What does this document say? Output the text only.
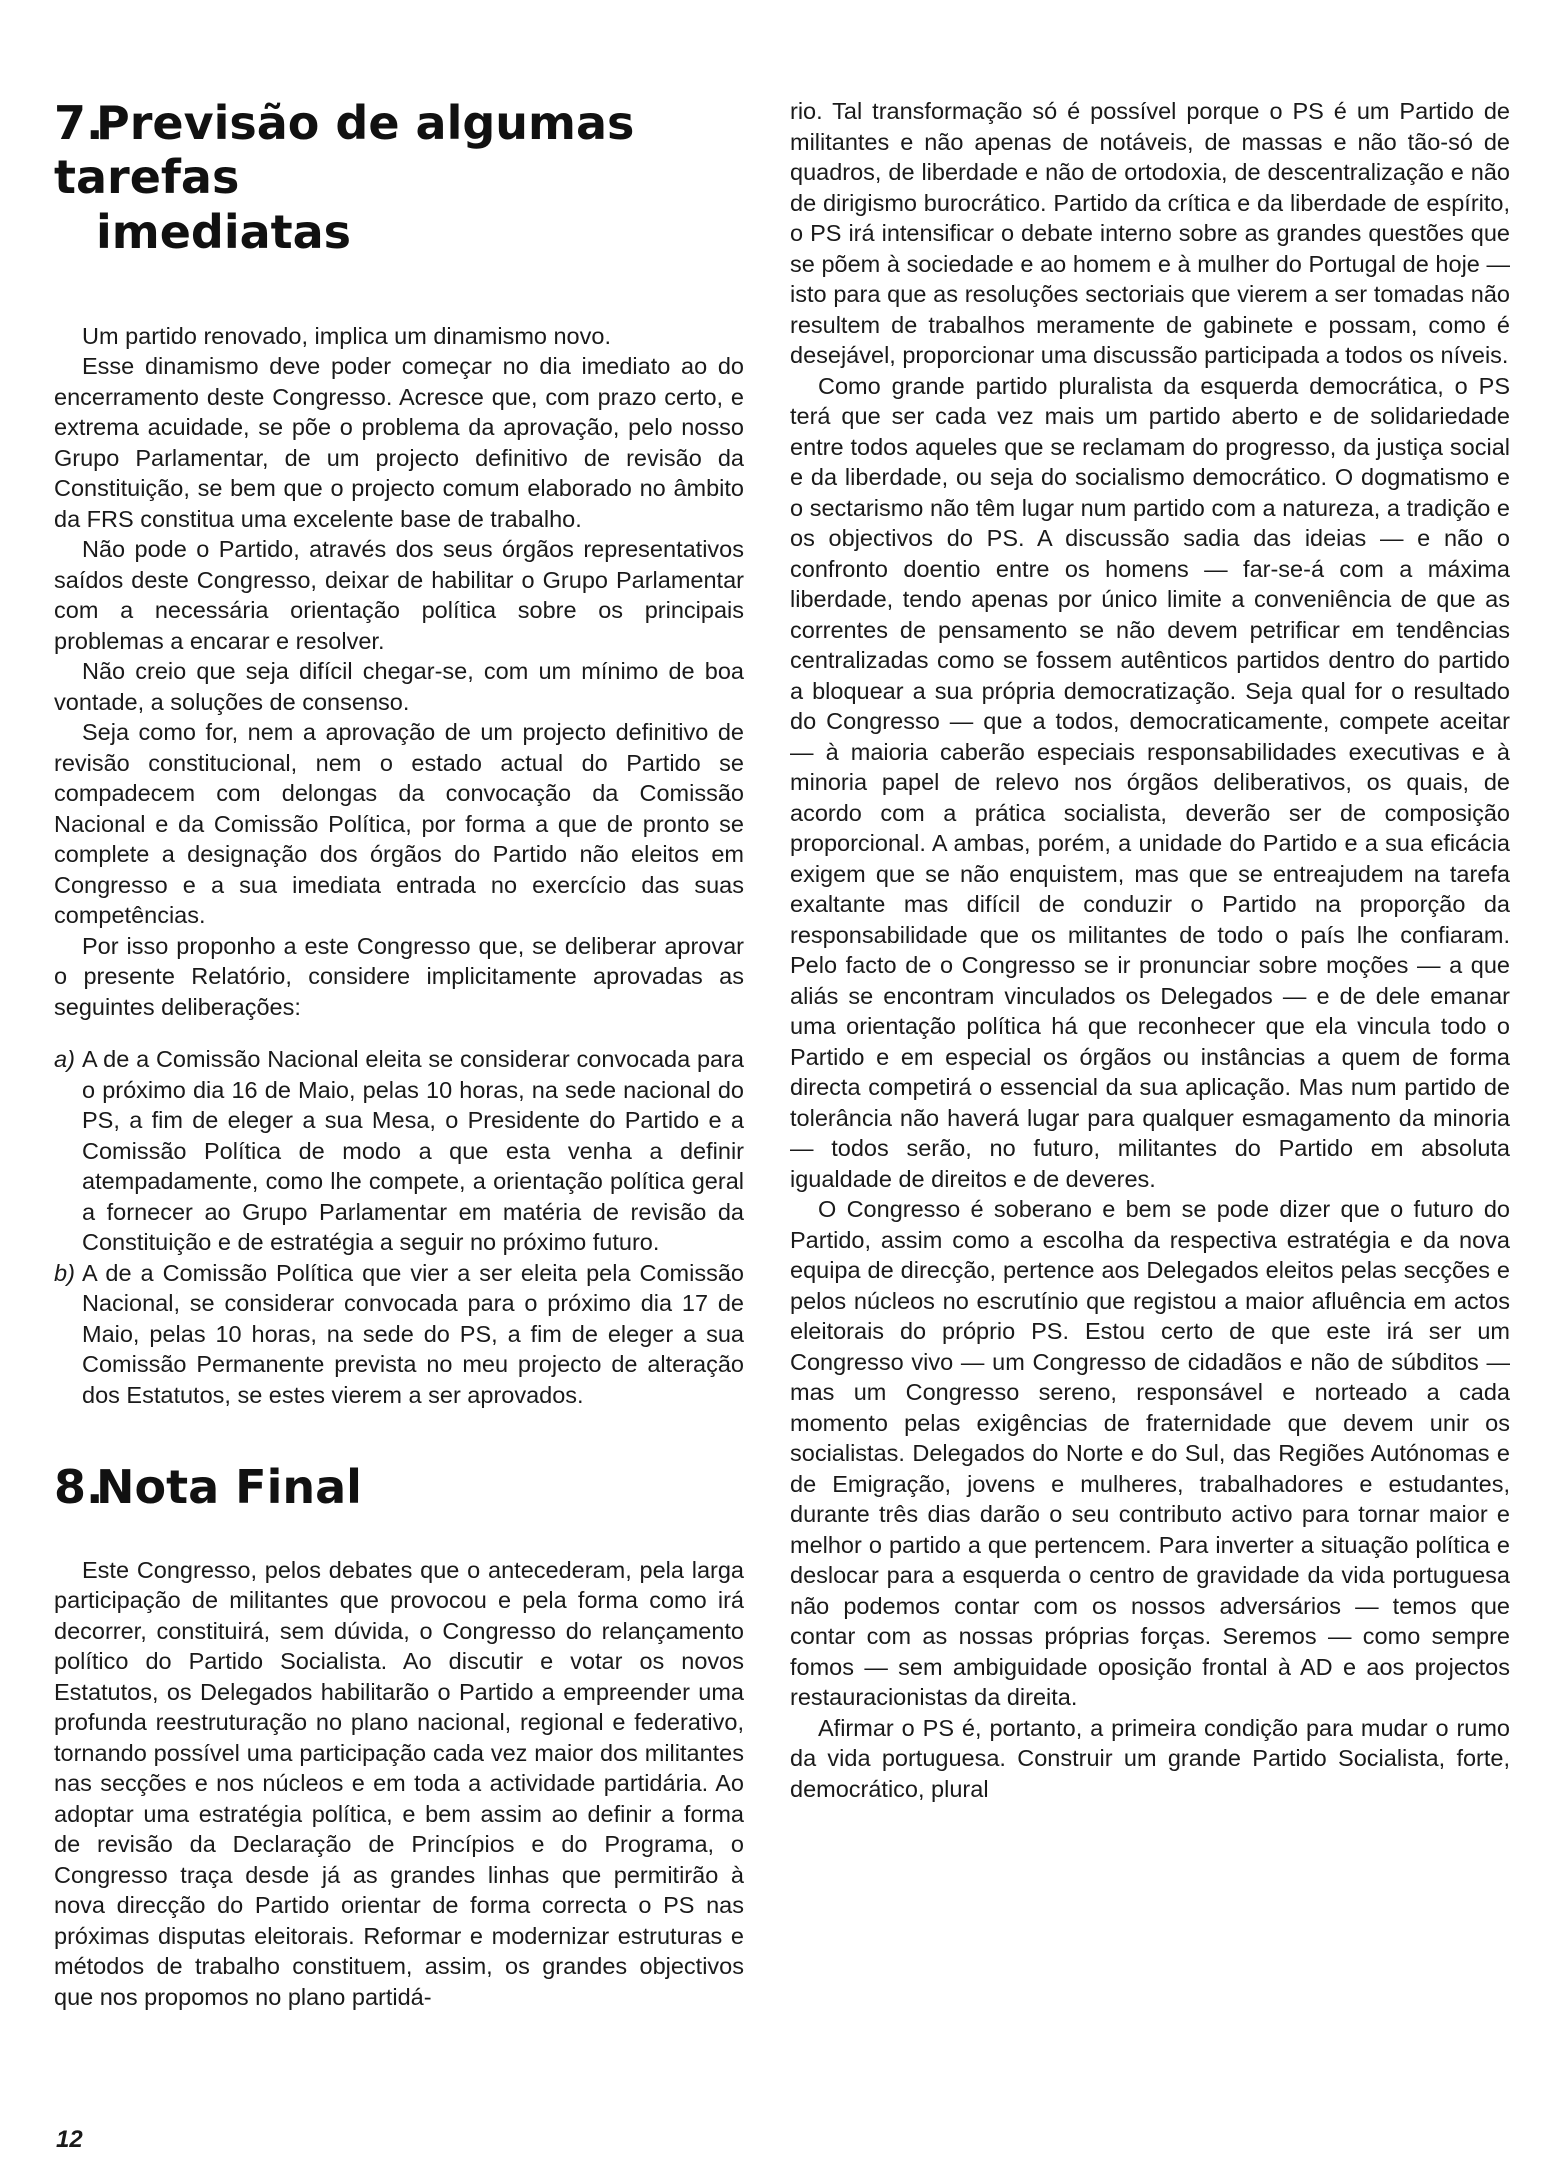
7.Previsão de algumas tarefas
imediatas

Um partido renovado, implica um dinamismo novo.

Esse dinamismo deve poder começar no dia imediato ao do encerramento deste Congresso. Acresce que, com prazo certo, e extrema acuidade, se põe o problema da aprovação, pelo nosso Grupo Parlamentar, de um projecto definitivo de revisão da Constituição, se bem que o projecto comum elaborado no âmbito da FRS constitua uma excelente base de trabalho.

Não pode o Partido, através dos seus órgãos representativos saídos deste Congresso, deixar de habilitar o Grupo Parlamentar com a necessária orientação política sobre os principais problemas a encarar e resolver.

Não creio que seja difícil chegar-se, com um mínimo de boa vontade, a soluções de consenso.

Seja como for, nem a aprovação de um projecto definitivo de revisão constitucional, nem o estado actual do Partido se compadecem com delongas da convocação da Comissão Nacional e da Comissão Política, por forma a que de pronto se complete a designação dos órgãos do Partido não eleitos em Congresso e a sua imediata entrada no exercício das suas competências.

Por isso proponho a este Congresso que, se deliberar aprovar o presente Relatório, considere implicitamente aprovadas as seguintes deliberações:

a) A de a Comissão Nacional eleita se considerar convocada para o próximo dia 16 de Maio, pelas 10 horas, na sede nacional do PS, a fim de eleger a sua Mesa, o Presidente do Partido e a Comissão Política de modo a que esta venha a definir atempadamente, como lhe compete, a orientação política geral a fornecer ao Grupo Parlamentar em matéria de revisão da Constituição e de estratégia a seguir no próximo futuro.
b) A de a Comissão Política que vier a ser eleita pela Comissão Nacional, se considerar convocada para o próximo dia 17 de Maio, pelas 10 horas, na sede do PS, a fim de eleger a sua Comissão Permanente prevista no meu projecto de alteração dos Estatutos, se estes vierem a ser aprovados.
8.Nota Final

Este Congresso, pelos debates que o antecederam, pela larga participação de militantes que provocou e pela forma como irá decorrer, constituirá, sem dúvida, o Congresso do relançamento político do Partido Socialista. Ao discutir e votar os novos Estatutos, os Delegados habilitarão o Partido a empreender uma profunda reestruturação no plano nacional, regional e federativo, tornando possível uma participação cada vez maior dos militantes nas secções e nos núcleos e em toda a actividade partidária. Ao adoptar uma estratégia política, e bem assim ao definir a forma de revisão da Declaração de Princípios e do Programa, o Congresso traça desde já as grandes linhas que permitirão à nova direcção do Partido orientar de forma correcta o PS nas próximas disputas eleitorais. Reformar e modernizar estruturas e métodos de trabalho constituem, assim, os grandes objectivos que nos propomos no plano partidá-

rio. Tal transformação só é possível porque o PS é um Partido de militantes e não apenas de notáveis, de massas e não tão-só de quadros, de liberdade e não de ortodoxia, de descentralização e não de dirigismo burocrático. Partido da crítica e da liberdade de espírito, o PS irá intensificar o debate interno sobre as grandes questões que se põem à sociedade e ao homem e à mulher do Portugal de hoje — isto para que as resoluções sectoriais que vierem a ser tomadas não resultem de trabalhos meramente de gabinete e possam, como é desejável, proporcionar uma discussão participada a todos os níveis.

Como grande partido pluralista da esquerda democrática, o PS terá que ser cada vez mais um partido aberto e de solidariedade entre todos aqueles que se reclamam do progresso, da justiça social e da liberdade, ou seja do socialismo democrático. O dogmatismo e o sectarismo não têm lugar num partido com a natureza, a tradição e os objectivos do PS. A discussão sadia das ideias — e não o confronto doentio entre os homens — far-se-á com a máxima liberdade, tendo apenas por único limite a conveniência de que as correntes de pensamento se não devem petrificar em tendências centralizadas como se fossem autênticos partidos dentro do partido a bloquear a sua própria democratização. Seja qual for o resultado do Congresso — que a todos, democraticamente, compete aceitar — à maioria caberão especiais responsabilidades executivas e à minoria papel de relevo nos órgãos deliberativos, os quais, de acordo com a prática socialista, deverão ser de composição proporcional. A ambas, porém, a unidade do Partido e a sua eficácia exigem que se não enquistem, mas que se entreajudem na tarefa exaltante mas difícil de conduzir o Partido na proporção da responsabilidade que os militantes de todo o país lhe confiaram. Pelo facto de o Congresso se ir pronunciar sobre moções — a que aliás se encontram vinculados os Delegados — e de dele emanar uma orientação política há que reconhecer que ela vincula todo o Partido e em especial os órgãos ou instâncias a quem de forma directa competirá o essencial da sua aplicação. Mas num partido de tolerância não haverá lugar para qualquer esmagamento da minoria — todos serão, no futuro, militantes do Partido em absoluta igualdade de direitos e de deveres.

O Congresso é soberano e bem se pode dizer que o futuro do Partido, assim como a escolha da respectiva estratégia e da nova equipa de direcção, pertence aos Delegados eleitos pelas secções e pelos núcleos no escrutínio que registou a maior afluência em actos eleitorais do próprio PS. Estou certo de que este irá ser um Congresso vivo — um Congresso de cidadãos e não de súbditos — mas um Congresso sereno, responsável e norteado a cada momento pelas exigências de fraternidade que devem unir os socialistas. Delegados do Norte e do Sul, das Regiões Autónomas e de Emigração, jovens e mulheres, trabalhadores e estudantes, durante três dias darão o seu contributo activo para tornar maior e melhor o partido a que pertencem. Para inverter a situação política e deslocar para a esquerda o centro de gravidade da vida portuguesa não podemos contar com os nossos adversários — temos que contar com as nossas próprias forças. Seremos — como sempre fomos — sem ambiguidade oposição frontal à AD e aos projectos restauracionistas da direita.

Afirmar o PS é, portanto, a primeira condição para mudar o rumo da vida portuguesa. Construir um grande Partido Socialista, forte, democrático, plural

12
